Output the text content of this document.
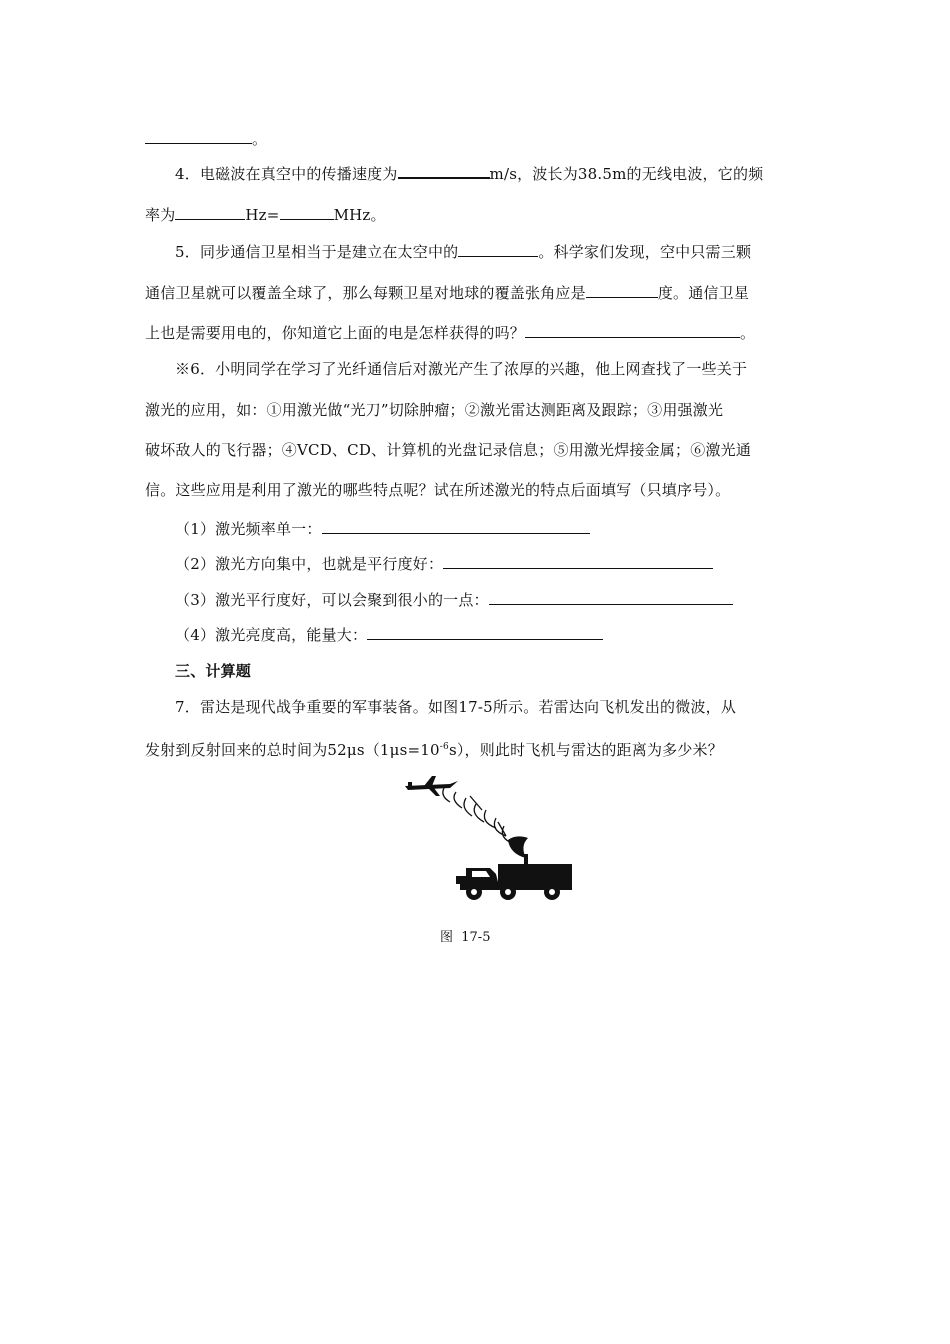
。
4．电磁波在真空中的传播速度为	m/s，波长为38.5m的无线电波，它的频
率为	Hz=	MHz。
5．同步通信卫星相当于是建立在太空中的	。科学家们发现，空中只需三颗
通信卫星就可以覆盖全球了，那么每颗卫星对地球的覆盖张角应是	度。通信卫星
上也是需要用电的，你知道它上面的电是怎样获得的吗？	。
※6．小明同学在学习了光纤通信后对激光产生了浓厚的兴趣，他上网查找了一些关于
激光的应用，如：①用激光做“光刀”切除肿瘤；②激光雷达测距离及跟踪；③用强激光
破坏敌人的飞行器；④VCD、CD、计算机的光盘记录信息；⑤用激光焊接金属；⑥激光通
信。这些应用是利用了激光的哪些特点呢？试在所述激光的特点后面填写（只填序号）。
（1）激光频率单一：
（2）激光方向集中，也就是平行度好：
（3）激光平行度好，可以会聚到很小的一点：
（4）激光亮度高，能量大：
三、计算题
7．雷达是现代战争重要的军事装备。如图17-5所示。若雷达向飞机发出的微波，从
发射到反射回来的总时间为$52\mu s(1\mu s=10^{-6}s)$，则此时飞机与雷达的距离为多少米？
图  17-5
